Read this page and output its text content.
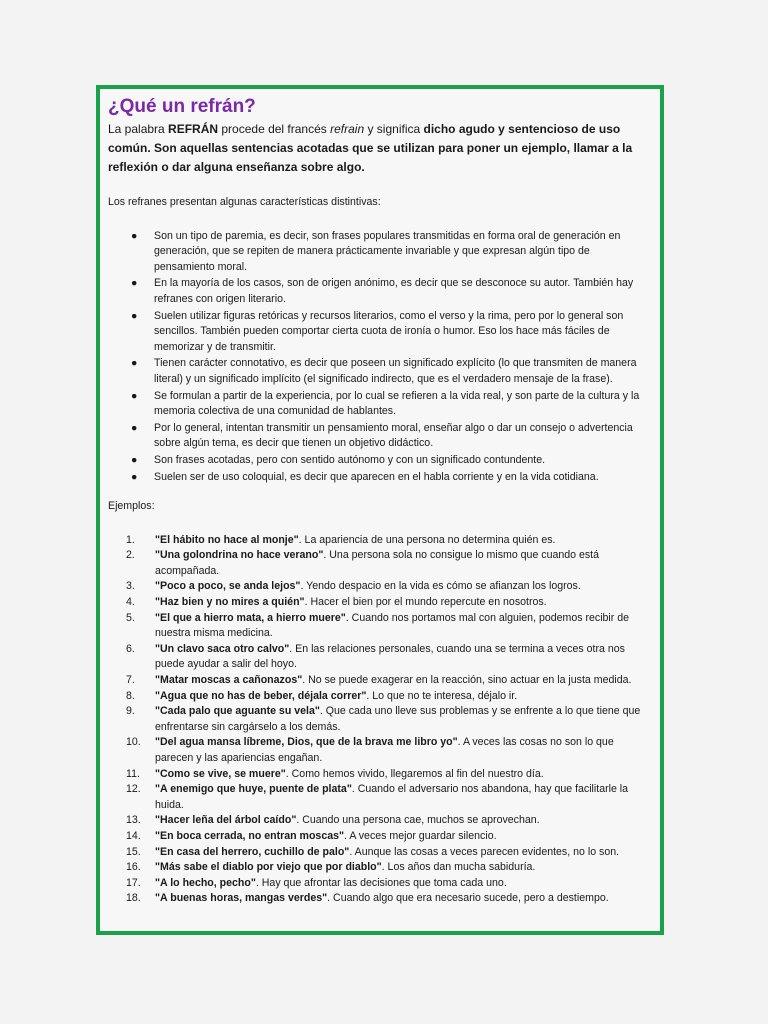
¿Qué un refrán?

La palabra REFRÁN procede del francés refrain y significa dicho agudo y sentencioso de uso común. Son aquellas sentencias acotadas que se utilizan para poner un ejemplo, llamar a la reflexión o dar alguna enseñanza sobre algo.

Los refranes presentan algunas características distintivas:

● Son un tipo de paremia, es decir, son frases populares transmitidas en forma oral de generación en generación, que se repiten de manera prácticamente invariable y que expresan algún tipo de pensamiento moral.
● En la mayoría de los casos, son de origen anónimo, es decir que se desconoce su autor. También hay refranes con origen literario.
● Suelen utilizar figuras retóricas y recursos literarios, como el verso y la rima, pero por lo general son sencillos. También pueden comportar cierta cuota de ironía o humor. Eso los hace más fáciles de memorizar y de transmitir.
● Tienen carácter connotativo, es decir que poseen un significado explícito (lo que transmiten de manera literal) y un significado implícito (el significado indirecto, que es el verdadero mensaje de la frase).
● Se formulan a partir de la experiencia, por lo cual se refieren a la vida real, y son parte de la cultura y la memoria colectiva de una comunidad de hablantes.
● Por lo general, intentan transmitir un pensamiento moral, enseñar algo o dar un consejo o advertencia sobre algún tema, es decir que tienen un objetivo didáctico.
● Son frases acotadas, pero con sentido autónomo y con un significado contundente.
● Suelen ser de uso coloquial, es decir que aparecen en el habla corriente y en la vida cotidiana.

Ejemplos:

1. "El hábito no hace al monje". La apariencia de una persona no determina quién es.
2. "Una golondrina no hace verano". Una persona sola no consigue lo mismo que cuando está acompañada.
3. "Poco a poco, se anda lejos". Yendo despacio en la vida es cómo se afianzan los logros.
4. "Haz bien y no mires a quién". Hacer el bien por el mundo repercute en nosotros.
5. "El que a hierro mata, a hierro muere". Cuando nos portamos mal con alguien, podemos recibir de nuestra misma medicina.
6. "Un clavo saca otro calvo". En las relaciones personales, cuando una se termina a veces otra nos puede ayudar a salir del hoyo.
7. "Matar moscas a cañonazos". No se puede exagerar en la reacción, sino actuar en la justa medida.
8. "Agua que no has de beber, déjala correr". Lo que no te interesa, déjalo ir.
9. "Cada palo que aguante su vela". Que cada uno lleve sus problemas y se enfrente a lo que tiene que enfrentarse sin cargárselo a los demás.
10. "Del agua mansa líbreme, Dios, que de la brava me libro yo". A veces las cosas no son lo que parecen y las apariencias engañan.
11. "Como se vive, se muere". Como hemos vivido, llegaremos al fin del nuestro día.
12. "A enemigo que huye, puente de plata". Cuando el adversario nos abandona, hay que facilitarle la huida.
13. "Hacer leña del árbol caído". Cuando una persona cae, muchos se aprovechan.
14. "En boca cerrada, no entran moscas". A veces mejor guardar silencio.
15. "En casa del herrero, cuchillo de palo". Aunque las cosas a veces parecen evidentes, no lo son.
16. "Más sabe el diablo por viejo que por diablo". Los años dan mucha sabiduría.
17. "A lo hecho, pecho". Hay que afrontar las decisiones que toma cada uno.
18. "A buenas horas, mangas verdes". Cuando algo que era necesario sucede, pero a destiempo.
